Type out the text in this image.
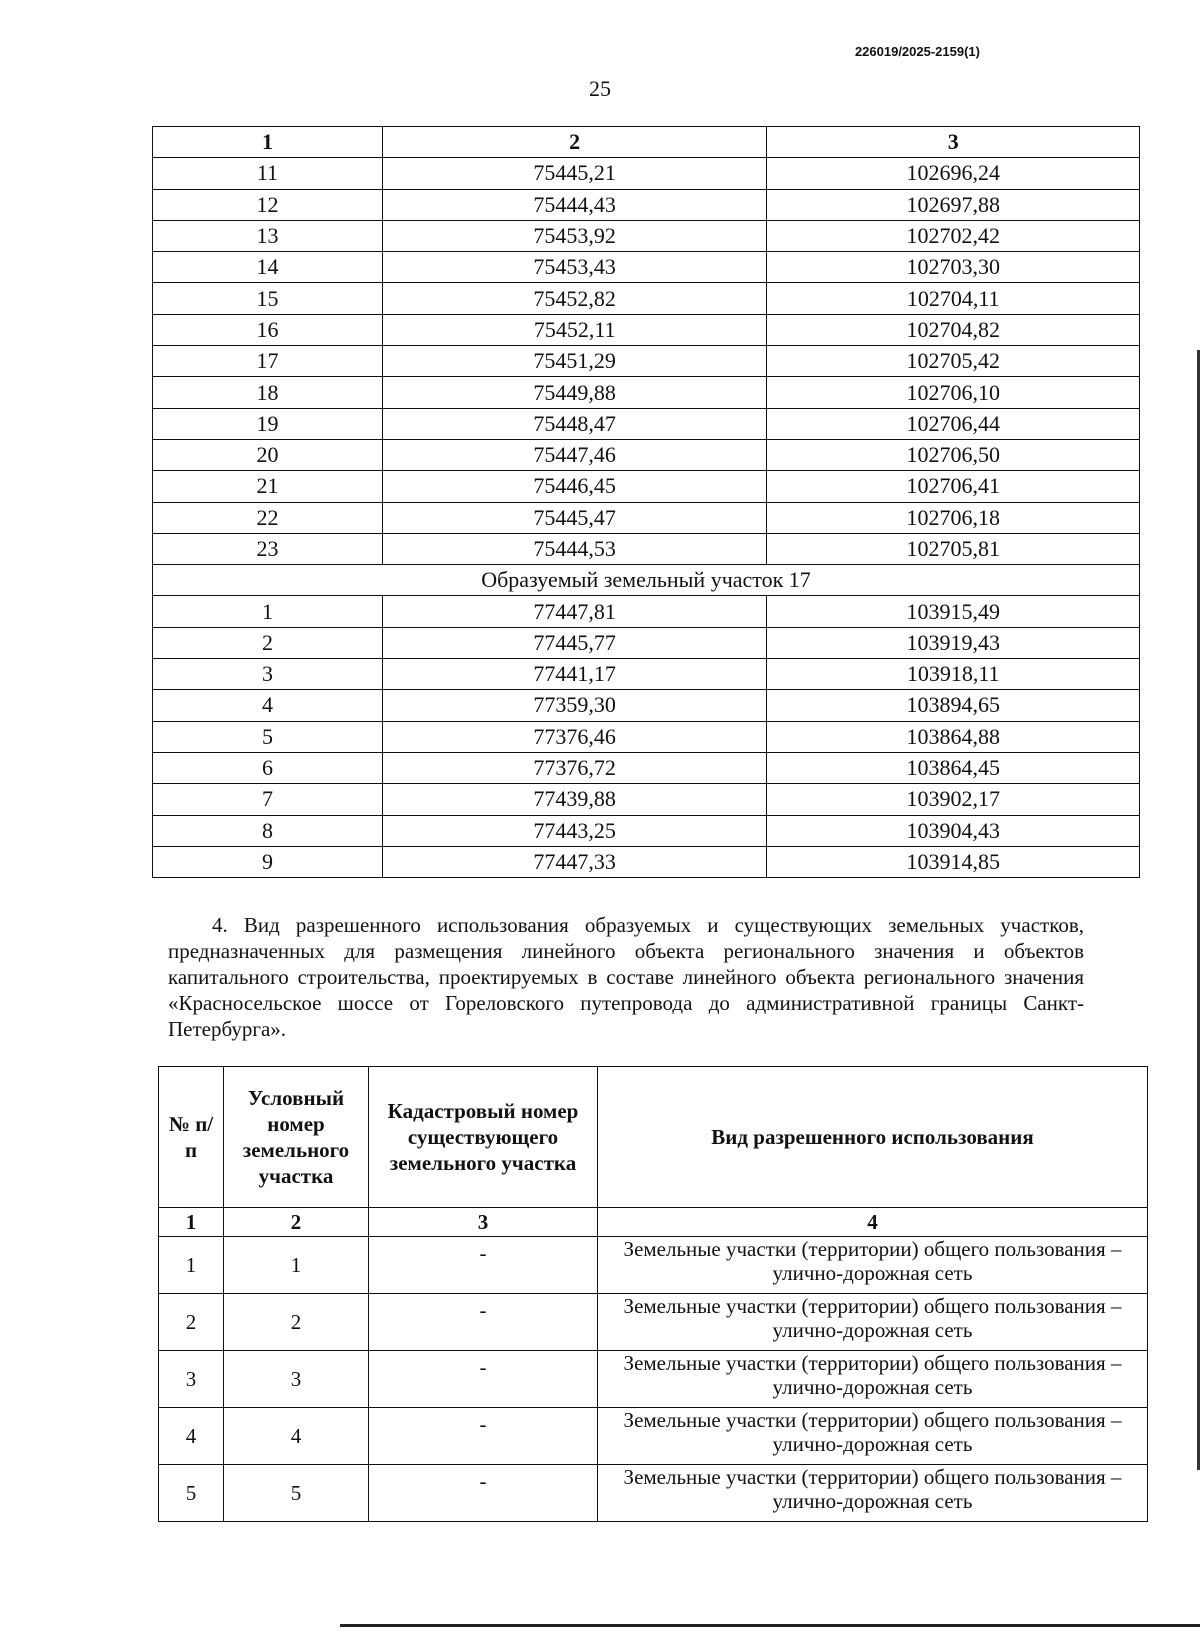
226019/2025-2159(1)
25
1	2	3
11	75445,21	102696,24
12	75444,43	102697,88
13	75453,92	102702,42
14	75453,43	102703,30
15	75452,82	102704,11
16	75452,11	102704,82
17	75451,29	102705,42
18	75449,88	102706,10
19	75448,47	102706,44
20	75447,46	102706,50
21	75446,45	102706,41
22	75445,47	102706,18
23	75444,53	102705,81
Образуемый земельный участок 17		
1	77447,81	103915,49
2	77445,77	103919,43
3	77441,17	103918,11
4	77359,30	103894,65
5	77376,46	103864,88
6	77376,72	103864,45
7	77439,88	103902,17
8	77443,25	103904,43
9	77447,33	103914,85

4. Вид разрешенного использования образуемых и существующих земельных участков, предназначенных для размещения линейного объекта регионального значения и объектов капитального строительства, проектируемых в составе линейного объекта регионального значения «Красносельское шоссе от Гореловского путепровода до административной границы Санкт-Петербурга».

№ п/п	Условный номер земельного участка	Кадастровый номер существующего земельного участка	Вид разрешенного использования
1	2	3	4
1	1	-	Земельные участки (территории) общего пользования – улично-дорожная сеть
2	2	-	Земельные участки (территории) общего пользования – улично-дорожная сеть
3	3	-	Земельные участки (территории) общего пользования – улично-дорожная сеть
4	4	-	Земельные участки (территории) общего пользования – улично-дорожная сеть
5	5	-	Земельные участки (территории) общего пользования – улично-дорожная сеть
